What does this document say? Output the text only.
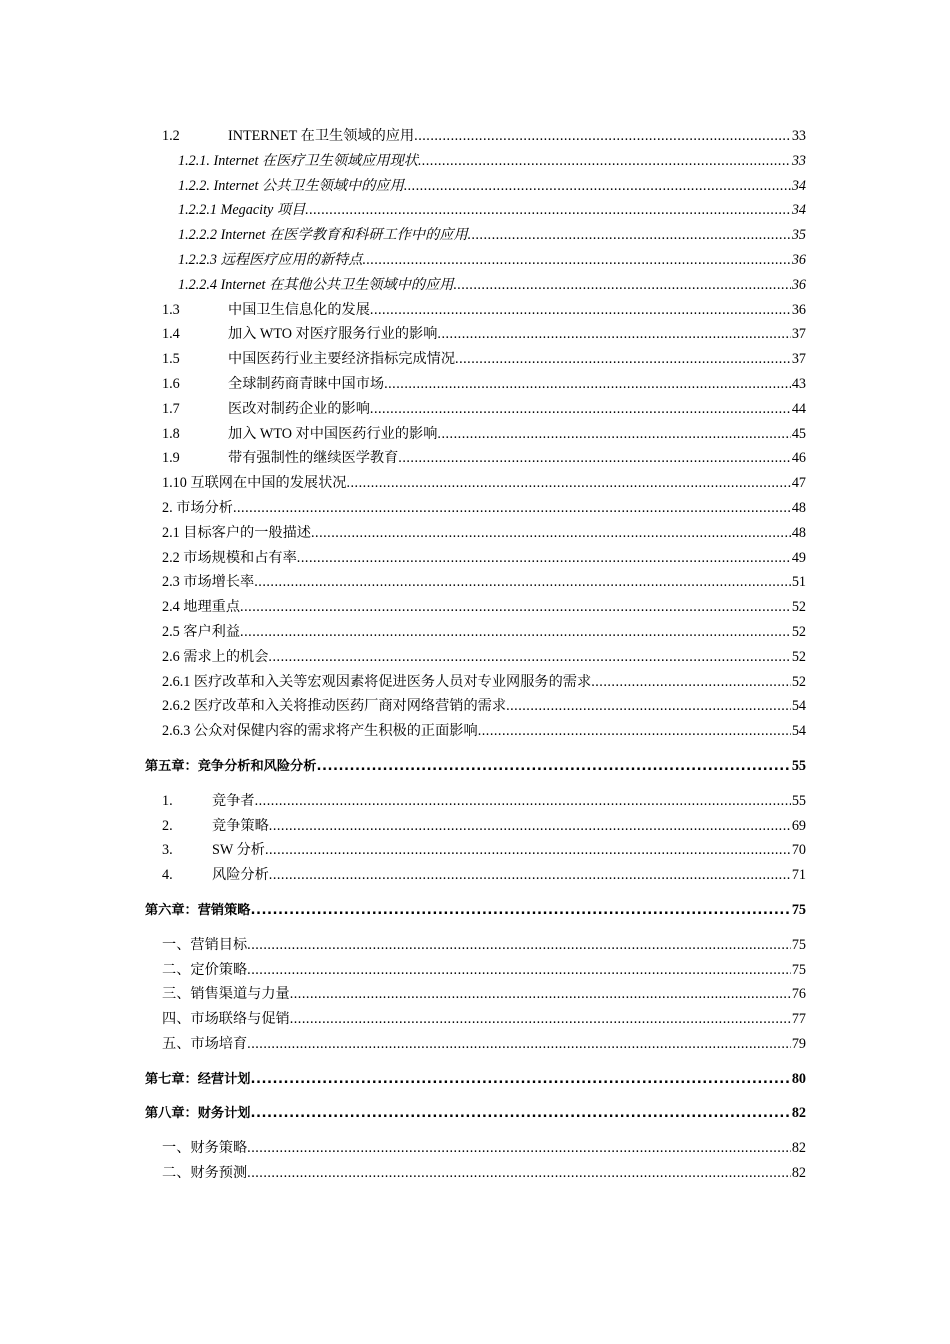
1.2	INTERNET 在卫生领域的应用 .....	33
1.2.1. Internet 在医疗卫生领域应用现状 .....	33
1.2.2. Internet 公共卫生领域中的应用 .....	34
1.2.2.1 Megacity 项目 .....	34
1.2.2.2 Internet 在医学教育和科研工作中的应用 .....	35
1.2.2.3 远程医疗应用的新特点 .....	36
1.2.2.4 Internet 在其他公共卫生领域中的应用 .....	36
1.3	中国卫生信息化的发展 .....	36
1.4	加入 WTO 对医疗服务行业的影响 .....	37
1.5	中国医药行业主要经济指标完成情况 .....	37
1.6	全球制药商青睐中国市场 .....	43
1.7	医改对制药企业的影响 .....	44
1.8	加入 WTO 对中国医药行业的影响 .....	45
1.9	带有强制性的继续医学教育 .....	46
1.10 互联网在中国的发展状况 .....	47
2. 市场分析 .....	48
2.1 目标客户的一般描述 .....	48
2.2 市场规模和占有率 .....	49
2.3 市场增长率 .....	51
2.4 地理重点 .....	52
2.5 客户利益 .....	52
2.6 需求上的机会 .....	52
2.6.1 医疗改革和入关等宏观因素将促进医务人员对专业网服务的需求 .....	52
2.6.2 医疗改革和入关将推动医药厂商对网络营销的需求 .....	54
2.6.3 公众对保健内容的需求将产生积极的正面影响 .....	54
第五章：竞争分析和风险分析 .....	55
1.	竞争者 .....	55
2.	竞争策略 .....	69
3.	SW 分析 .....	70
4.	风险分析 .....	71
第六章：营销策略 .....	75
一、营销目标 .....	75
二、定价策略 .....	75
三、销售渠道与力量 .....	76
四、市场联络与促销 .....	77
五、市场培育 .....	79
第七章：经营计划 .....	80
第八章：财务计划 .....	82
一、财务策略 .....	82
二、财务预测 .....	82
